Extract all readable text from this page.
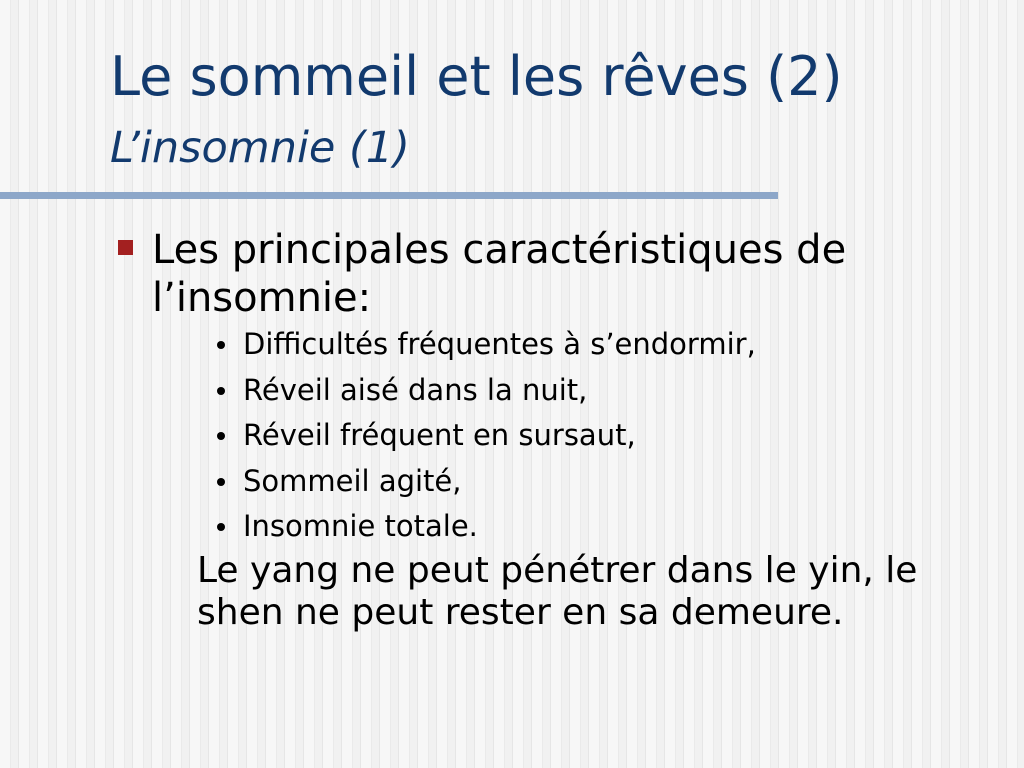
Le sommeil et les rêves (2)
L’insomnie (1)
Les principales caractéristiques de l’insomnie:
Difficultés fréquentes à s’endormir,
Réveil aisé dans la nuit,
Réveil fréquent en sursaut,
Sommeil agité,
Insomnie totale.
Le yang ne peut pénétrer dans le yin, le shen ne peut rester en sa demeure.
